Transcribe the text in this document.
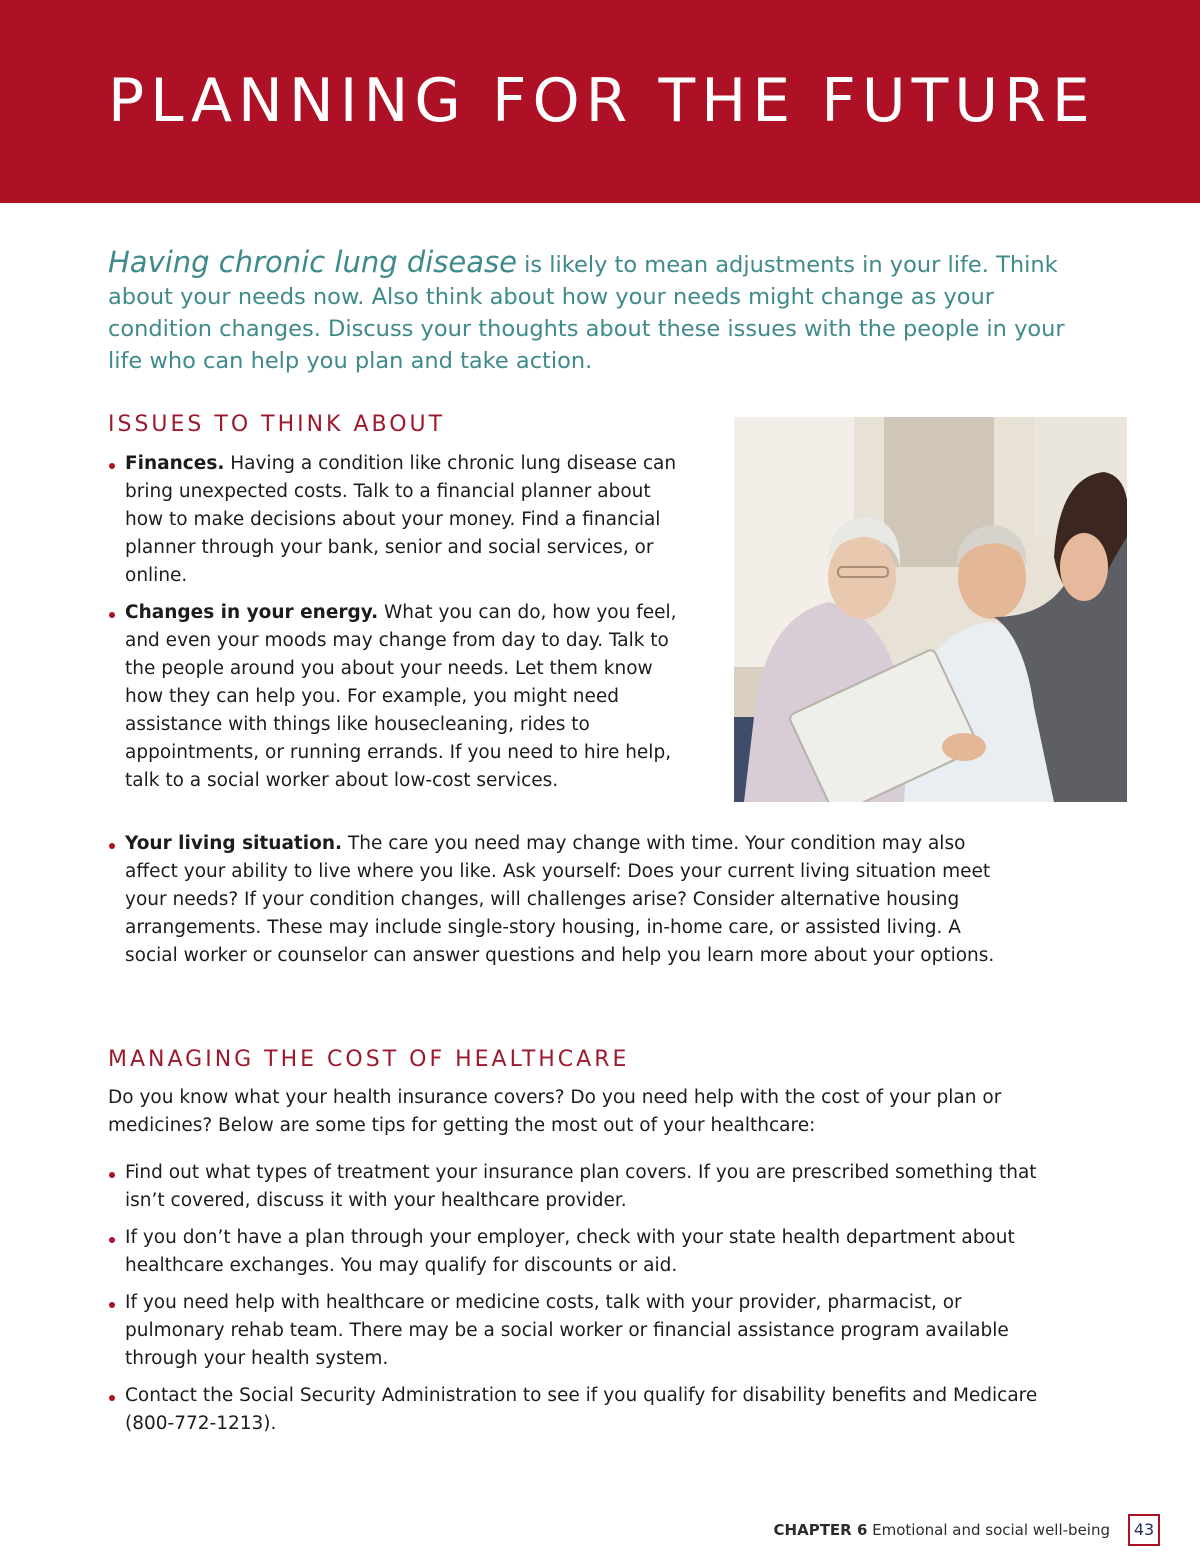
PLANNING FOR THE FUTURE

Having chronic lung disease is likely to mean adjustments in your life. Think about your needs now. Also think about how your needs might change as your condition changes. Discuss your thoughts about these issues with the people in your life who can help you plan and take action.

ISSUES TO THINK ABOUT
Finances. Having a condition like chronic lung disease can bring unexpected costs. Talk to a financial planner about how to make decisions about your money. Find a financial planner through your bank, senior and social services, or online.
Changes in your energy. What you can do, how you feel, and even your moods may change from day to day. Talk to the people around you about your needs. Let them know how they can help you. For example, you might need assistance with things like housecleaning, rides to appointments, or running errands. If you need to hire help, talk to a social worker about low-cost services.
Your living situation. The care you need may change with time. Your condition may also affect your ability to live where you like. Ask yourself: Does your current living situation meet your needs? If your condition changes, will challenges arise? Consider alternative housing arrangements. These may include single-story housing, in-home care, or assisted living. A social worker or counselor can answer questions and help you learn more about your options.
MANAGING THE COST OF HEALTHCARE

Do you know what your health insurance covers? Do you need help with the cost of your plan or medicines? Below are some tips for getting the most out of your healthcare:

Find out what types of treatment your insurance plan covers. If you are prescribed something that isn’t covered, discuss it with your healthcare provider.
If you don’t have a plan through your employer, check with your state health department about healthcare exchanges. You may qualify for discounts or aid.
If you need help with healthcare or medicine costs, talk with your provider, pharmacist, or pulmonary rehab team. There may be a social worker or financial assistance program available through your health system.
Contact the Social Security Administration to see if you qualify for disability benefits and Medicare (800-772-1213).
CHAPTER 6 Emotional and social well-being	43
